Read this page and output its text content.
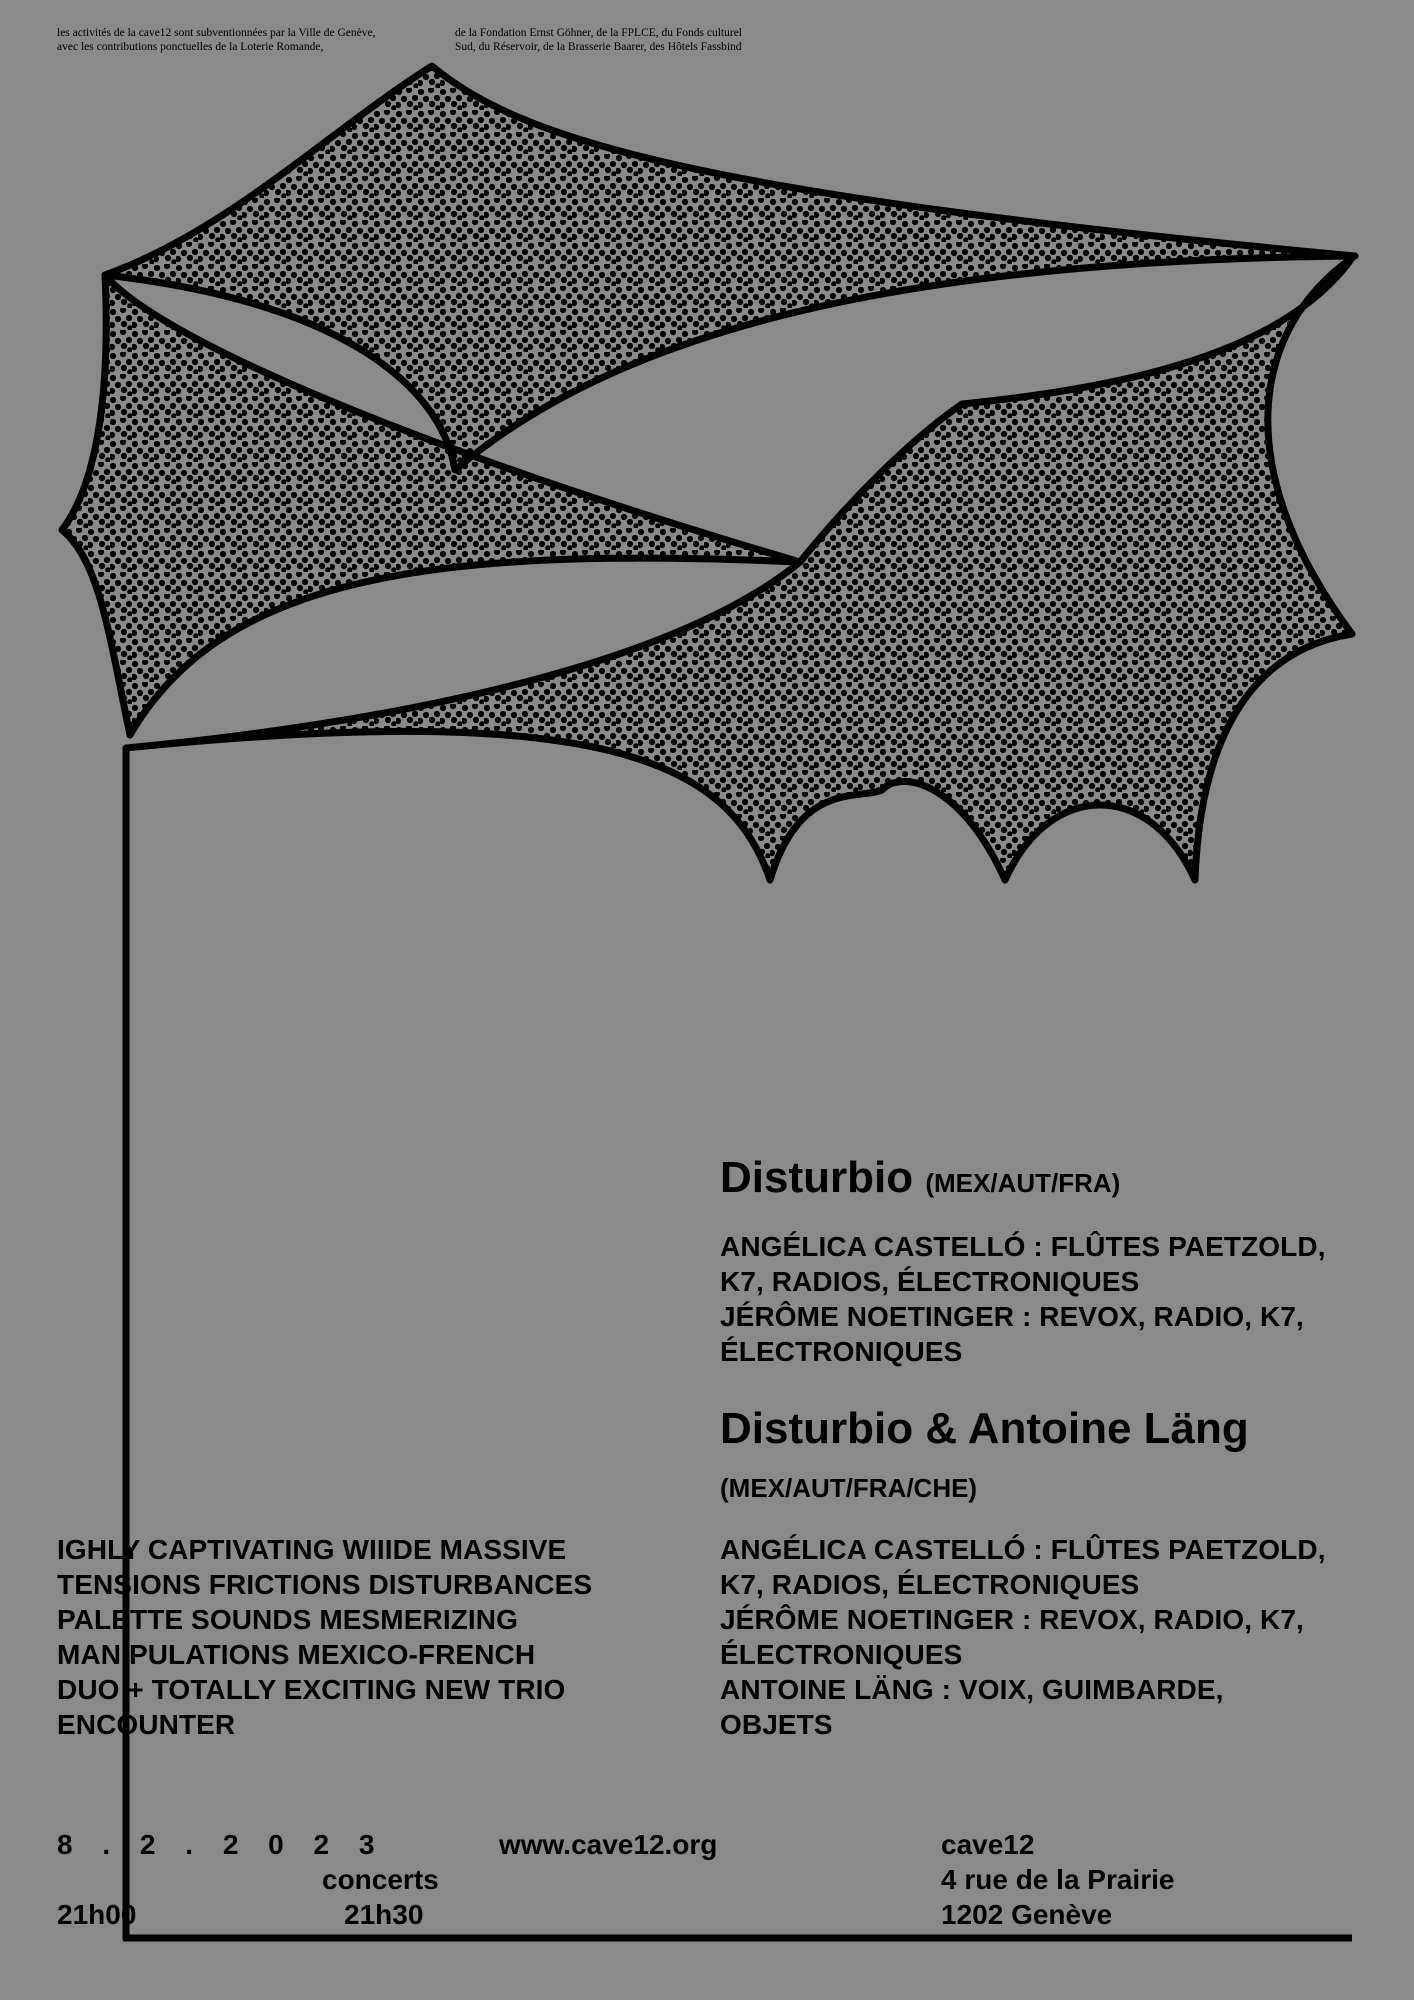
les activités de la cave12 sont subventionnées par la Ville de Genève,
avec les contributions ponctuelles de la Loterie Romande,
de la Fondation Ernst Göhner, de la FPLCE, du Fonds culturel
Sud, du Réservoir, de la Brasserie Baarer, des Hôtels Fassbind
Disturbio (MEX/AUT/FRA)
ANGÉLICA CASTELLÓ : FLÛTES PAETZOLD,
K7, RADIOS, ÉLECTRONIQUES
JÉRÔME NOETINGER : REVOX, RADIO, K7,
ÉLECTRONIQUES
Disturbio & Antoine Läng
(MEX/AUT/FRA/CHE)
ANGÉLICA CASTELLÓ : FLÛTES PAETZOLD,
K7, RADIOS, ÉLECTRONIQUES
JÉRÔME NOETINGER : REVOX, RADIO, K7,
ÉLECTRONIQUES
ANTOINE LÄNG : VOIX, GUIMBARDE,
OBJETS
IGHLY CAPTIVATING WIIIDE MASSIVE
TENSIONS FRICTIONS DISTURBANCES
PALETTE SOUNDS MESMERIZING
MANIPULATIONS MEXICO-FRENCH
DUO + TOTALLY EXCITING NEW TRIO
ENCOUNTER
8 . 2 . 2 0 2 3
21h00
concerts
21h30
www.cave12.org	cave12
4 rue de la Prairie
1202 Genève
